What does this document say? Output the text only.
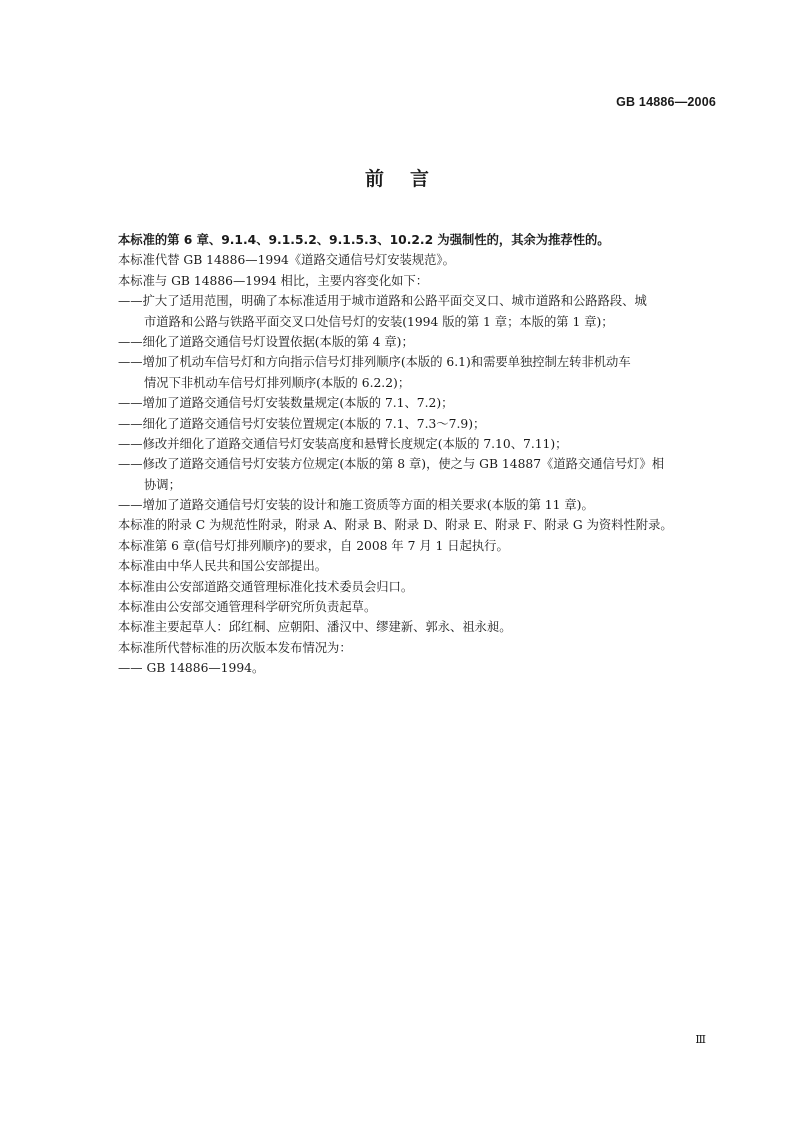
GB 14886—2006
前言

本标准的第 6 章、9.1.4、9.1.5.2、9.1.5.3、10.2.2 为强制性的，其余为推荐性的。

本标准代替 GB 14886—1994《道路交通信号灯安装规范》。

本标准与 GB 14886—1994 相比，主要内容变化如下：

——扩大了适用范围，明确了本标准适用于城市道路和公路平面交叉口、城市道路和公路路段、城

市道路和公路与铁路平面交叉口处信号灯的安装(1994 版的第 1 章；本版的第 1 章)；

——细化了道路交通信号灯设置依据(本版的第 4 章)；

——增加了机动车信号灯和方向指示信号灯排列顺序(本版的 6.1)和需要单独控制左转非机动车

情况下非机动车信号灯排列顺序(本版的 6.2.2)；

——增加了道路交通信号灯安装数量规定(本版的 7.1、7.2)；

——细化了道路交通信号灯安装位置规定(本版的 7.1、7.3～7.9)；

——修改并细化了道路交通信号灯安装高度和悬臂长度规定(本版的 7.10、7.11)；

——修改了道路交通信号灯安装方位规定(本版的第 8 章)，使之与 GB 14887《道路交通信号灯》相

协调；

——增加了道路交通信号灯安装的设计和施工资质等方面的相关要求(本版的第 11 章)。

本标准的附录 C 为规范性附录，附录 A、附录 B、附录 D、附录 E、附录 F、附录 G 为资料性附录。

本标准第 6 章(信号灯排列顺序)的要求，自 2008 年 7 月 1 日起执行。

本标准由中华人民共和国公安部提出。

本标准由公安部道路交通管理标准化技术委员会归口。

本标准由公安部交通管理科学研究所负责起草。

本标准主要起草人：邱红桐、应朝阳、潘汉中、缪建新、郭永、祖永昶。

本标准所代替标准的历次版本发布情况为：

—— GB 14886—1994。

Ⅲ
